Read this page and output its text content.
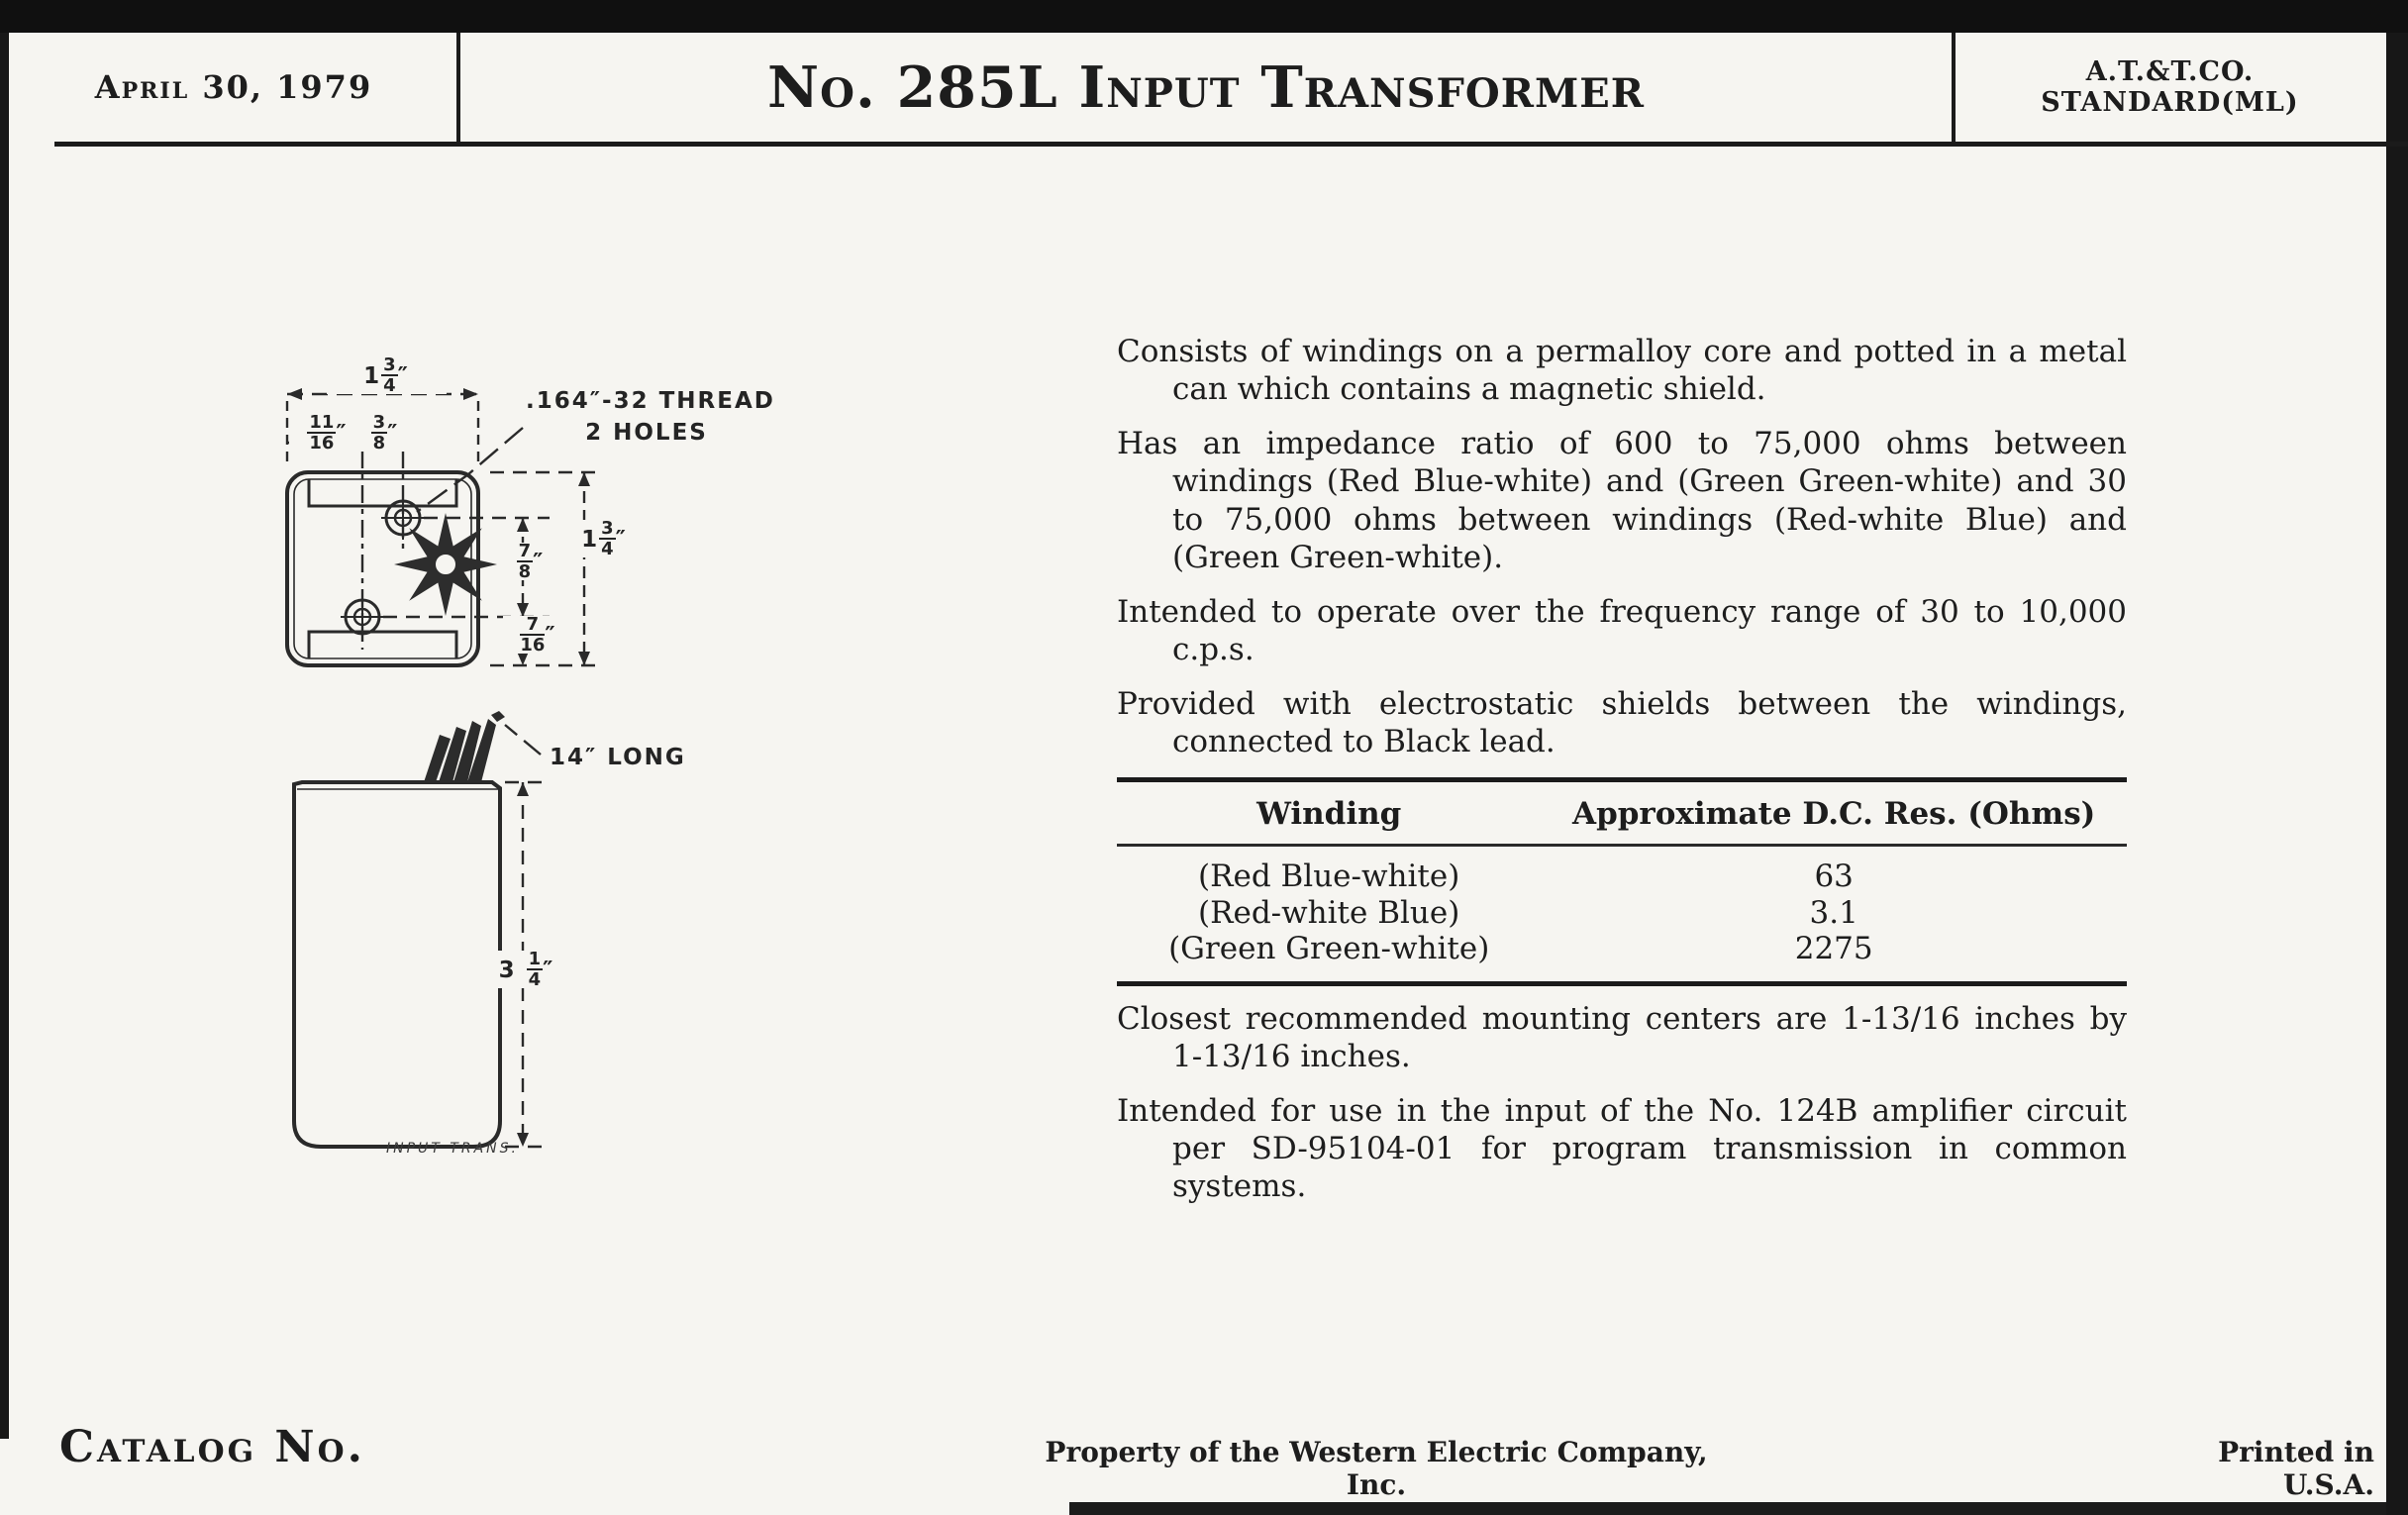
April 30, 1979	No. 285L Input Transformer	A.T.&T.CO.
STANDARD(ML)
$1 \frac{3}{4}$ ″
$\frac{11}{16}$ ″	$\frac{3}{8}$ ″
.164″-32 THREAD
2 HOLES
$\frac{7}{8}$ ″
$1 \frac{3}{4}$ ″
$\frac{7}{16}$ ″
14″ LONG
$3 \frac{1}{4}$ ″
INPUT TRANS.

Consists of windings on a permalloy core and potted in a metal can which contains a magnetic shield.

Has an impedance ratio of 600 to 75,000 ohms between windings (Red Blue-white) and (Green Green-white) and 30 to 75,000 ohms between windings (Red-white Blue) and (Green Green-white).

Intended to operate over the frequency range of 30 to 10,000 c.p.s.

Provided with electrostatic shields between the windings, connected to Black lead.

Winding	Approximate D.C. Res. (Ohms)
(Red Blue-white)	63
(Red-white Blue)	3.1
(Green Green-white)	2275

Closest recommended mounting centers are 1-13/16 inches by 1-13/16 inches.

Intended for use in the input of the No. 124B amplifier circuit per SD-95104-01 for program transmission in common systems.

Catalog No.	Property of the Western Electric Company, Inc.
Printed in U.S.A.
